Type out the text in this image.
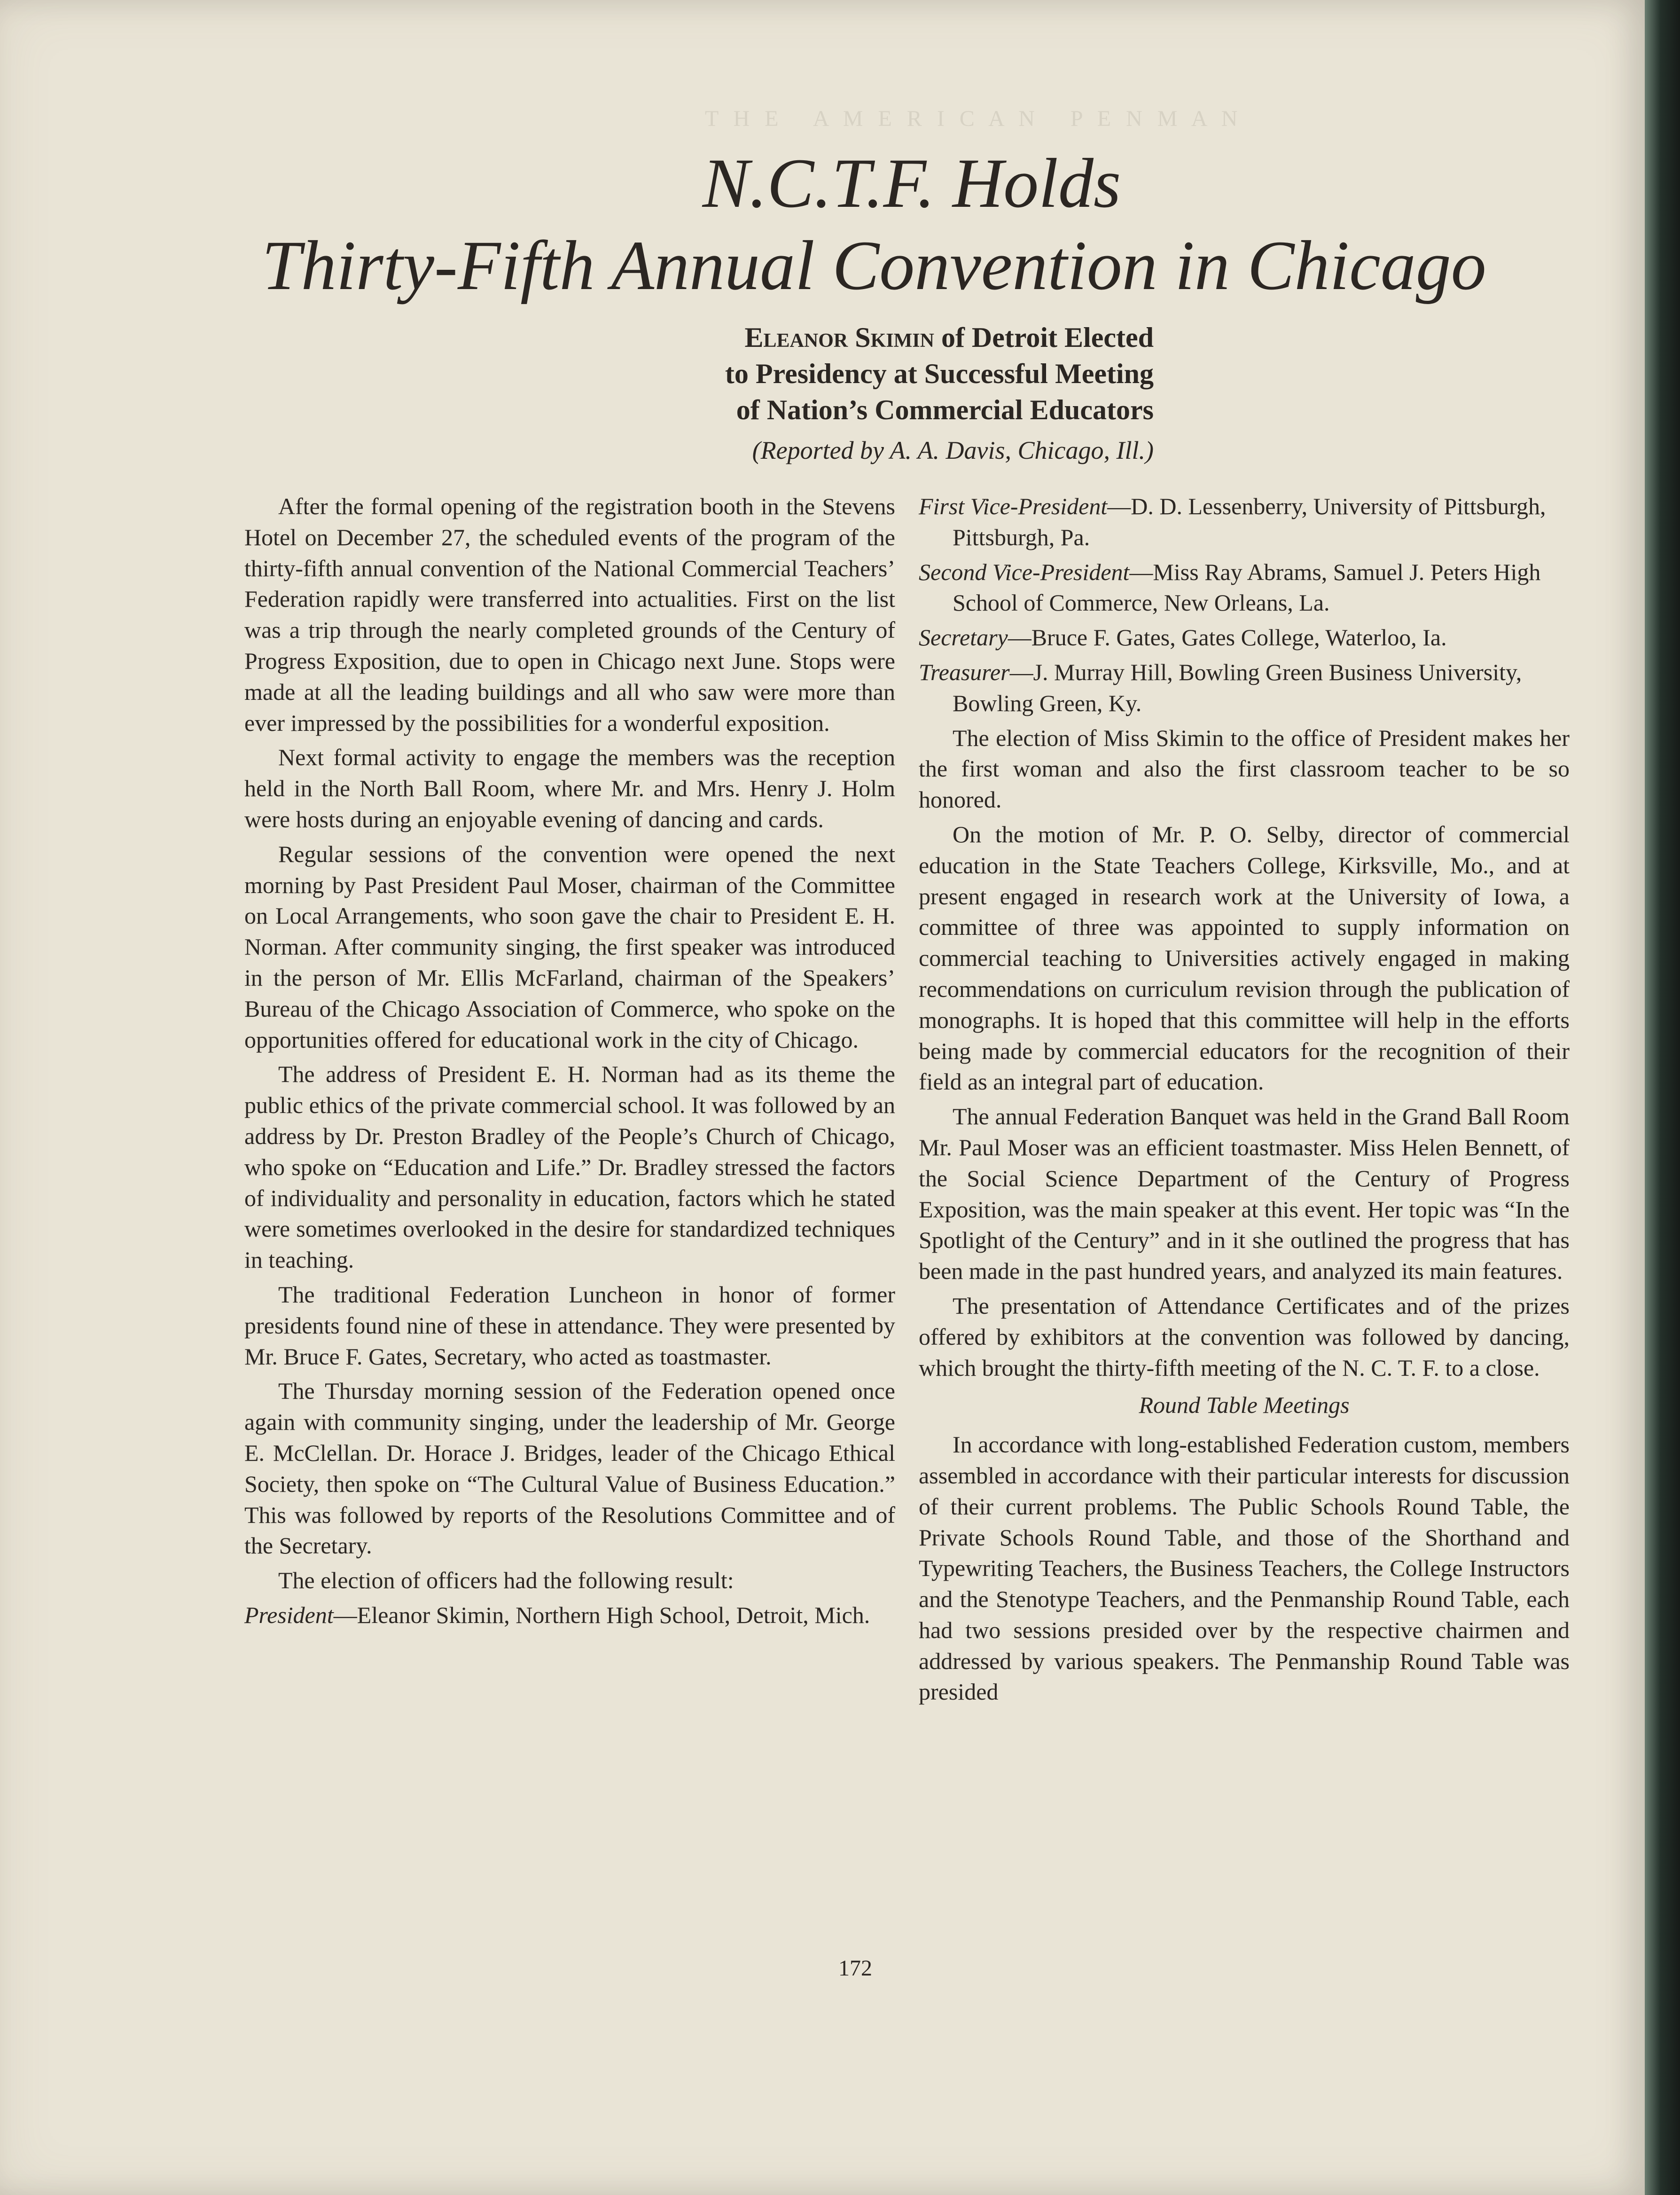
T H E   A M E R I C A N   P E N M A N
N.C.T.F. Holds
Thirty-Fifth Annual Convention in Chicago
Eleanor Skimin of Detroit Elected
to Presidency at Successful Meeting
of Nation’s Commercial Educators
(Reported by A. A. Davis, Chicago, Ill.)

After the formal opening of the registration booth in the Stevens Hotel on December 27, the scheduled events of the program of the thirty-fifth annual convention of the National Commercial Teachers’ Federation rapidly were transferred into actualities. First on the list was a trip through the nearly completed grounds of the Century of Progress Exposition, due to open in Chicago next June. Stops were made at all the leading buildings and all who saw were more than ever impressed by the possibilities for a wonderful exposition.

Next formal activity to engage the members was the reception held in the North Ball Room, where Mr. and Mrs. Henry J. Holm were hosts during an enjoyable evening of dancing and cards.

Regular sessions of the convention were opened the next morning by Past President Paul Moser, chairman of the Committee on Local Arrangements, who soon gave the chair to President E. H. Norman. After community singing, the first speaker was introduced in the person of Mr. Ellis McFarland, chairman of the Speakers’ Bureau of the Chicago Association of Commerce, who spoke on the opportunities offered for educational work in the city of Chicago.

The address of President E. H. Norman had as its theme the public ethics of the private commercial school. It was followed by an address by Dr. Preston Bradley of the People’s Church of Chicago, who spoke on “Education and Life.” Dr. Bradley stressed the factors of individuality and personality in education, factors which he stated were sometimes overlooked in the desire for standardized techniques in teaching.

The traditional Federation Luncheon in honor of former presidents found nine of these in attendance. They were presented by Mr. Bruce F. Gates, Secretary, who acted as toastmaster.

The Thursday morning session of the Federation opened once again with community singing, under the leadership of Mr. George E. McClellan. Dr. Horace J. Bridges, leader of the Chicago Ethical Society, then spoke on “The Cultural Value of Business Education.” This was followed by reports of the Resolutions Committee and of the Secretary.

The election of officers had the following result:

President—Eleanor Skimin, Northern High School, Detroit, Mich.

First Vice-President—D. D. Lessenberry, University of Pittsburgh, Pittsburgh, Pa.

Second Vice-President—Miss Ray Abrams, Samuel J. Peters High School of Commerce, New Orleans, La.

Secretary—Bruce F. Gates, Gates College, Waterloo, Ia.

Treasurer—J. Murray Hill, Bowling Green Business University, Bowling Green, Ky.

The election of Miss Skimin to the office of President makes her the first woman and also the first classroom teacher to be so honored.

On the motion of Mr. P. O. Selby, director of commercial education in the State Teachers College, Kirksville, Mo., and at present engaged in research work at the University of Iowa, a committee of three was appointed to supply information on commercial teaching to Universities actively engaged in making recommendations on curriculum revision through the publication of monographs. It is hoped that this committee will help in the efforts being made by commercial educators for the recognition of their field as an integral part of education.

The annual Federation Banquet was held in the Grand Ball Room Mr. Paul Moser was an efficient toastmaster. Miss Helen Bennett, of the Social Science Department of the Century of Progress Exposition, was the main speaker at this event. Her topic was “In the Spotlight of the Century” and in it she outlined the progress that has been made in the past hundred years, and analyzed its main features.

The presentation of Attendance Certificates and of the prizes offered by exhibitors at the convention was followed by dancing, which brought the thirty-fifth meeting of the N. C. T. F. to a close.

Round Table Meetings

In accordance with long-established Federation custom, members assembled in accordance with their particular interests for discussion of their current problems. The Public Schools Round Table, the Private Schools Round Table, and those of the Shorthand and Typewriting Teachers, the Business Teachers, the College Instructors and the Stenotype Teachers, and the Penmanship Round Table, each had two sessions presided over by the respective chairmen and addressed by various speakers. The Penmanship Round Table was presided

172
